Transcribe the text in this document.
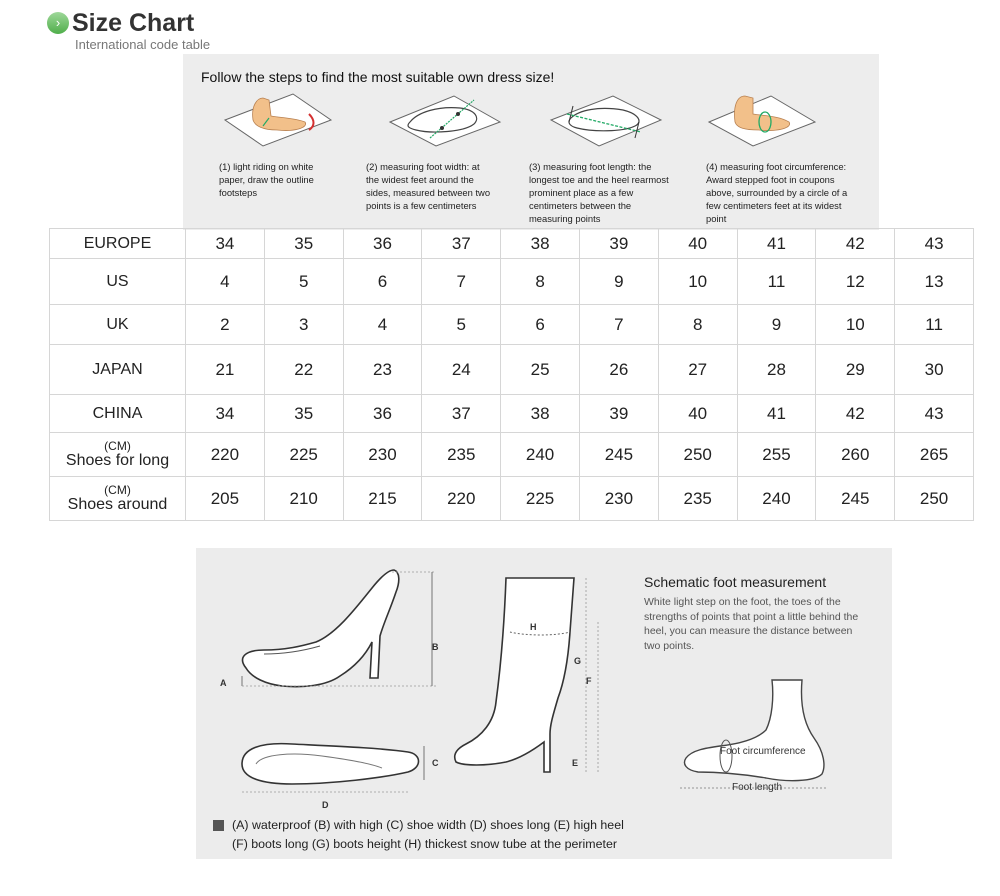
› Size Chart
International code table
Follow the steps to find the most suitable own dress size!
(1) light riding on white
paper, draw the outline
footsteps
(2) measuring foot width: at
the widest feet around the
sides, measured between two
points is a few centimeters
(3) measuring foot length: the
longest toe and the heel rearmost
prominent place as a few
centimeters between the
measuring points
(4) measuring foot circumference:
Award stepped foot in coupons
above, surrounded by a circle of a
few centimeters feet at its widest
point
EUROPE	34	35	36	37	38	39	40	41	42	43

US	4	5	6	7	8	9	10	11	12	13

UK	2	3	4	5	6	7	8	9	10	11

JAPAN	21	22	23	24	25	26	27	28	29	30

CHINA	34	35	36	37	38	39	40	41	42	43

(CM)
Shoes for long	220	225	230	235	240	245	250	255	260	265

(CM)
Shoes around	205	210	215	220	225	230	235	240	245	250
B
A
C
D
H
G
F
E
Schematic foot measurement
White light step on the foot, the toes of the strengths of points that point a little behind the heel, you can measure the distance between two points.
Foot circumference
Foot length
(A) waterproof (B) with high (C) shoe width (D) shoes long (E) high heel
(F) boots long (G) boots height (H) thickest snow tube at the perimeter
